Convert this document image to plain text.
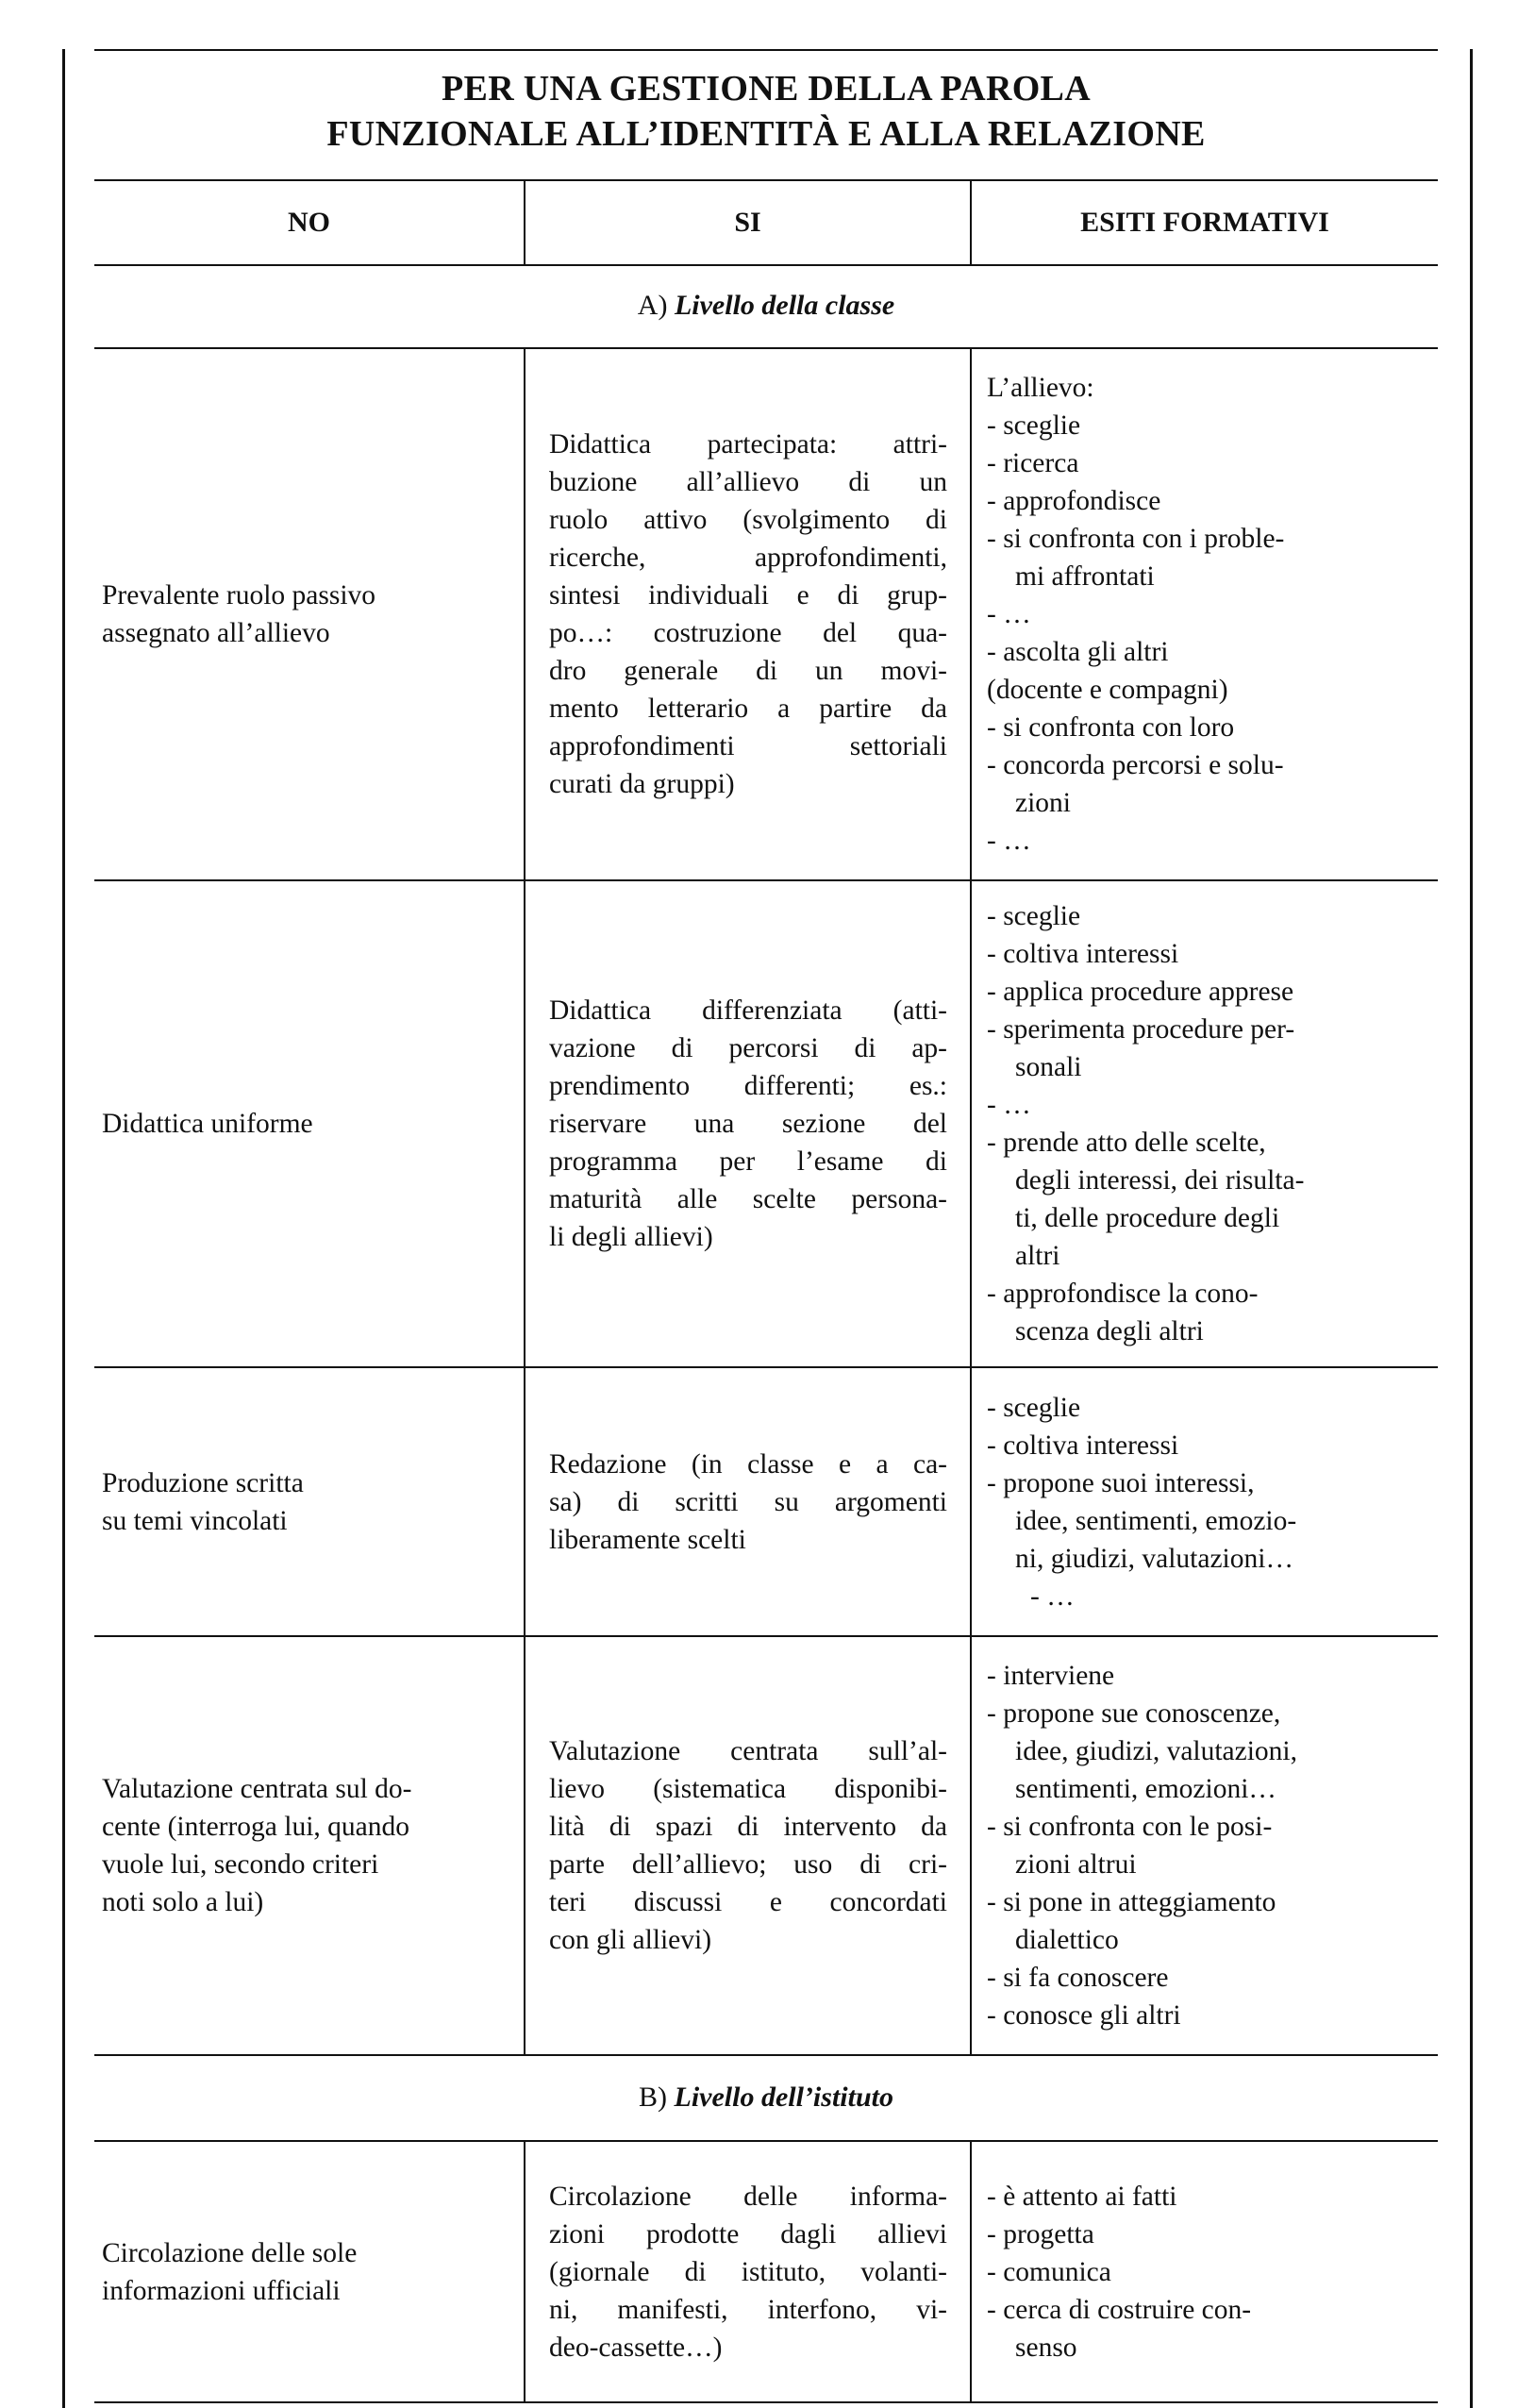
PER UNA GESTIONE DELLA PAROLA
FUNZIONALE ALL’IDENTITÀ E ALLA RELAZIONE
NO	SI	ESITI FORMATIVI
A) Livello della classe
Prevalente ruolo passivo
assegnato all’allievo
Didattica partecipata: attri-
buzione all’allievo di un
ruolo attivo (svolgimento di
ricerche, approfondimenti,
sintesi individuali e di grup-
po…: costruzione del qua-
dro generale di un movi-
mento letterario a partire da
approfondimenti settoriali
curati da gruppi)
L’allievo:
- sceglie
- ricerca
- approfondisce
- si confronta con i proble-
mi affrontati
- …
- ascolta gli altri
(docente e compagni)
- si confronta con loro
- concorda percorsi e solu-
zioni
- …
Didattica uniforme
Didattica differenziata (atti-
vazione di percorsi di ap-
prendimento differenti; es.:
riservare una sezione del
programma per l’esame di
maturità alle scelte persona-
li degli allievi)
- sceglie
- coltiva interessi
- applica procedure apprese
- sperimenta procedure per-
sonali
- …
- prende atto delle scelte,
degli interessi, dei risulta-
ti, delle procedure degli
altri
- approfondisce la cono-
scenza degli altri
Produzione scritta
su temi vincolati
Redazione (in classe e a ca-
sa) di scritti su argomenti
liberamente scelti
- sceglie
- coltiva interessi
- propone suoi interessi,
idee, sentimenti, emozio-
ni, giudizi, valutazioni…
- …
Valutazione centrata sul do-
cente (interroga lui, quando
vuole lui, secondo criteri
noti solo a lui)
Valutazione centrata sull’al-
lievo (sistematica disponibi-
lità di spazi di intervento da
parte dell’allievo; uso di cri-
teri discussi e concordati
con gli allievi)
- interviene
- propone sue conoscenze,
idee, giudizi, valutazioni,
sentimenti, emozioni…
- si confronta con le posi-
zioni altrui
- si pone in atteggiamento
dialettico
- si fa conoscere
- conosce gli altri
B) Livello dell’istituto
Circolazione delle sole
informazioni ufficiali
Circolazione delle informa-
zioni prodotte dagli allievi
(giornale di istituto, volanti-
ni, manifesti, interfono, vi-
deo-cassette…)
- è attento ai fatti
- progetta
- comunica
- cerca di costruire con-
senso
